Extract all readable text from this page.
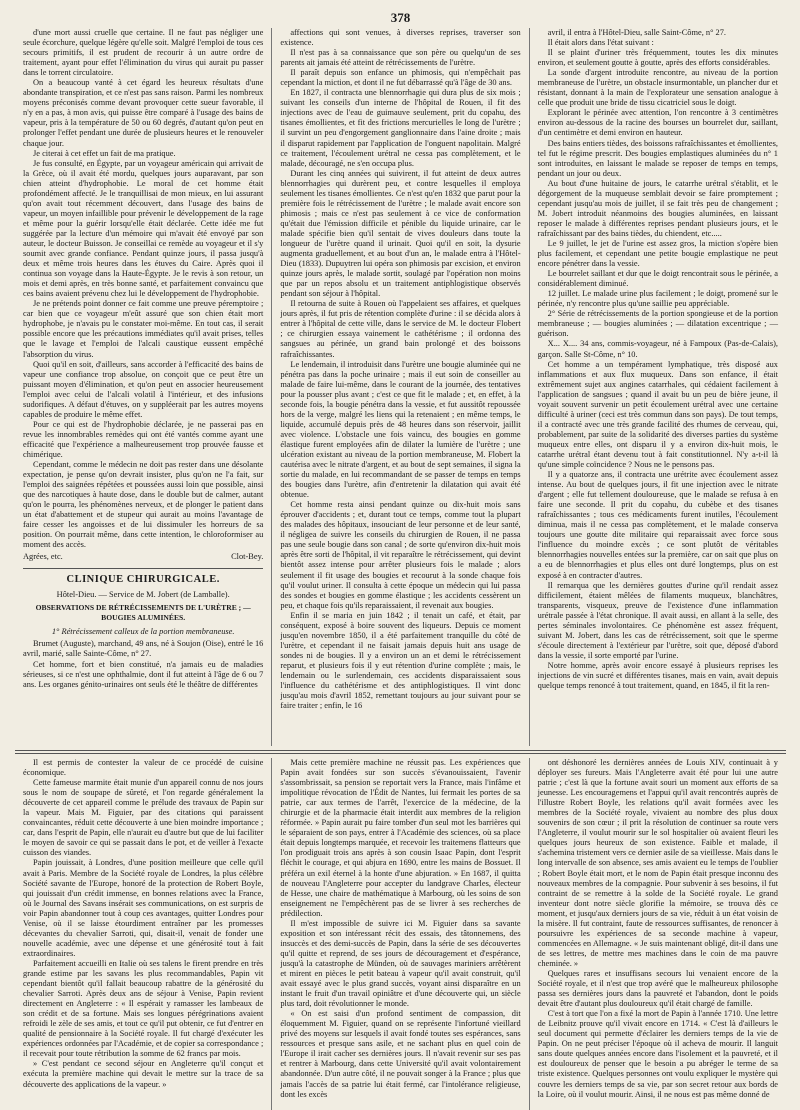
378

d'une mort aussi cruelle que certaine. Il ne faut pas négliger une seule écorchure, quelque légère qu'elle soit. Malgré l'emploi de tous ces secours primitifs, il est prudent de recourir à un autre ordre de traitement, ayant pour effet l'élimination du virus qui aurait pu passer dans le torrent circulatoire.

On a beaucoup vanté à cet égard les heureux résultats d'une abondante transpiration, et ce n'est pas sans raison. Parmi les nombreux moyens préconisés comme devant provoquer cette sueur favorable, il n'y en a pas, à mon avis, qui puisse être comparé à l'usage des bains de vapeur, pris à la température de 50 ou 60 degrés, d'autant qu'on peut en prolonger l'effet pendant une durée de plusieurs heures et le renouveler chaque jour.

Je citerai à cet effet un fait de ma pratique.

Je fus consulté, en Égypte, par un voyageur américain qui arrivait de la Grèce, où il avait été mordu, quelques jours auparavant, par son chien atteint d'hydrophobie. Le moral de cet homme était profondément affecté. Je le tranquillisai de mon mieux, en lui assurant qu'on avait tout récemment découvert, dans l'usage des bains de vapeur, un moyen infaillible pour prévenir le développement de la rage et même pour la guérir lorsqu'elle était déclarée. Cette idée me fut suggérée par la lecture d'un mémoire qui m'avait été envoyé par son auteur, le docteur Buisson. Je conseillai ce remède au voyageur et il s'y soumit avec grande confiance. Pendant quinze jours, il passa jusqu'à deux et même trois heures dans les étuves du Caire. Après quoi il continua son voyage dans la Haute-Égypte. Je le revis à son retour, un mois et demi après, en très bonne santé, et parfaitement convaincu que ces bains avaient prévenu chez lui le développement de l'hydrophobie.

Je ne prétends point donner ce fait comme une preuve péremptoire ; car bien que ce voyageur m'eût assuré que son chien était mort hydrophobe, je n'avais pu le constater moi-même. En tout cas, il serait possible encore que les précautions immédiates qu'il avait prises, telles que le lavage et l'emploi de l'alcali caustique eussent empêché l'absorption du virus.

Quoi qu'il en soit, d'ailleurs, sans accorder à l'efficacité des bains de vapeur une confiance trop absolue, on conçoit que ce peut être un puissant moyen d'élimination, et qu'on peut en associer heureusement l'emploi avec celui de l'alcali volatil à l'intérieur, et des infusions sudorifiques. A défaut d'étuves, on y suppléerait par les autres moyens capables de produire le même effet.

Pour ce qui est de l'hydrophobie déclarée, je ne passerai pas en revue les innombrables remèdes qui ont été vantés comme ayant une efficacité que l'expérience a malheureusement trop prouvée fausse et chimérique.

Cependant, comme le médecin ne doit pas rester dans une désolante expectation, je pense qu'on devrait insister, plus qu'on ne l'a fait, sur l'emploi des saignées répétées et poussées aussi loin que possible, ainsi que des narcotiques à haute dose, dans le double but de calmer, autant qu'on le pourra, les phénomènes nerveux, et de plonger le patient dans un état d'abattement et de stupeur qui aurait au moins l'avantage de faire cesser les angoisses et de lui dissimuler les horreurs de sa position. On pourrait même, dans cette intention, le chloroformiser au moment des accès.

Agrées, etc.	Clot-Bey.
CLINIQUE CHIRURGICALE.
Hôtel-Dieu. — Service de M. Jobert (de Lamballe).
OBSERVATIONS DE RÉTRÉCISSEMENTS DE L'URÈTRE ; — BOUGIES ALUMINÉES.
1° Rétrécissement calleux de la portion membraneuse.

Brumet (Auguste), marchand, 49 ans, né à Soujon (Oise), entré le 16 avril, marié, salle Sainte-Côme, n° 27.

Cet homme, fort et bien constitué, n'a jamais eu de maladies sérieuses, si ce n'est une ophthalmie, dont il fut atteint à l'âge de 6 ou 7 ans. Les organes génito-urinaires ont seuls été le théâtre de différentes

affections qui sont venues, à diverses reprises, traverser son existence.

Il n'est pas à sa connaissance que son père ou quelqu'un de ses parents ait jamais été atteint de rétrécissements de l'urètre.

Il paraît depuis son enfance un phimosis, qui n'empêchait pas cependant la miction, et dont il ne fut débarrassé qu'à l'âge de 30 ans.

En 1827, il contracta une blennorrhagie qui dura plus de six mois ; suivant les conseils d'un interne de l'hôpital de Rouen, il fit des injections avec de l'eau de guimauve seulement, prit du copahu, des tisanes émollientes, et fit des frictions mercurielles le long de l'urètre ; il survint un peu d'engorgement ganglionnaire dans l'aine droite ; mais il disparut rapidement par l'application de l'onguent napolitain. Malgré ce traitement, l'écoulement urétral ne cessa pas complètement, et le malade, découragé, ne s'en occupa plus.

Durant les cinq années qui suivirent, il fut atteint de deux autres blennorrhagies qui durèrent peu, et contre lesquelles il employa seulement les tisanes émollientes. Ce n'est qu'en 1832 que parut pour la première fois le rétrécissement de l'urètre ; le malade avait encore son phimosis ; mais ce n'est pas seulement à ce vice de conformation qu'était due l'émission difficile et pénible du liquide urinaire, car le malade spécifie bien qu'il sentait de vives douleurs dans toute la longueur de l'urètre quand il urinait. Quoi qu'il en soit, la dysurie augmenta graduellement, et au bout d'un an, le malade entra à l'Hôtel-Dieu (1833). Dupuytren lui opéra son phimosis par excision, et environ quinze jours après, le malade sortit, soulagé par l'opération non moins que par un repos absolu et un traitement antiphlogistique observés pendant son séjour à l'hôpital.

Il retourna de suite à Rouen où l'appelaient ses affaires, et quelques jours après, il fut pris de rétention complète d'urine : il se décida alors à entrer à l'hôpital de cette ville, dans le service de M. le docteur Flobert ; ce chirurgien essaya vainement le cathétérisme ; il ordonna des sangsues au périnée, un grand bain prolongé et des boissons rafraîchissantes.

Le lendemain, il introduisit dans l'urètre une bougie aluminée qui ne pénétra pas dans la poche urinaire ; mais il eut soin de conseiller au malade de faire lui-même, dans le courant de la journée, des tentatives pour la pousser plus avant ; c'est ce que fit le malade ; et, en effet, à la seconde fois, la bougie pénétra dans la vessie, et fut aussitôt repoussée hors de la verge, malgré les liens qui la retenaient ; en même temps, le liquide, accumulé depuis près de 48 heures dans son réservoir, jaillit avec violence. L'obstacle une fois vaincu, des bougies en gomme élastique furent employées afin de dilater la lumière de l'urètre ; une ulcération existant au niveau de la portion membraneuse, M. Flobert la cautérisa avec le nitrate d'argent, et au bout de sept semaines, il signa la sortie du malade, en lui recommandant de se passer de temps en temps des bougies dans l'urètre, afin d'entretenir la dilatation qui avait été obtenue.

Cet homme resta ainsi pendant quinze ou dix-huit mois sans éprouver d'accidents ; et, durant tout ce temps, comme tout la plupart des malades des hôpitaux, insouciant de leur personne et de leur santé, il négligea de suivre les conseils du chirurgien de Rouen, il ne passa pas une seule bougie dans son canal ; de sorte qu'environ dix-huit mois après être sorti de l'hôpital, il vit reparaître le rétrécissement, qui devint bientôt assez intense pour arrêter plusieurs fois le malade ; alors seulement il fit usage des bougies et recourut à la sonde chaque fois qu'il voulut uriner. Il consulta à cette époque un médecin qui lui passa des sondes et bougies en gomme élastique ; les accidents cessèrent un peu, et chaque fois qu'ils reparaissaient, il revenait aux bougies.

Enfin il se maria en juin 1842 ; il tenait un café, et était, par conséquent, exposé à boire souvent des liqueurs. Depuis ce moment jusqu'en novembre 1850, il a été parfaitement tranquille du côté de l'urètre, et cependant il ne faisait jamais depuis huit ans usage de sondes ni de bougies. Il y a environ un an et demi le rétrécissement reparut, et plusieurs fois il y eut rétention d'urine complète ; mais, le lendemain ou le surlendemain, ces accidents disparaissaient sous l'influence du cathétérisme et des antiphlogistiques. Il vint donc jusqu'au mois d'avril 1852, remettant toujours au jour suivant pour se faire traiter ; enfin, le 16

avril, il entra à l'Hôtel-Dieu, salle Saint-Côme, n° 27.

Il était alors dans l'état suivant :

Il se plaint d'uriner très fréquemment, toutes les dix minutes environ, et seulement goutte à goutte, après des efforts considérables.

La sonde d'argent introduite rencontre, au niveau de la portion membraneuse de l'urètre, un obstacle insurmontable, un plancher dur et résistant, donnant à la main de l'explorateur une sensation analogue à celle que produit une bride de tissu cicatriciel sous le doigt.

Explorant le périnée avec attention, l'on rencontre à 3 centimètres environ au-dessous de la racine des bourses un bourrelet dur, saillant, d'un centimètre et demi environ en hauteur.

Des bains entiers tièdes, des boissons rafraîchissantes et émollientes, tel fut le régime prescrit. Des bougies emplastiques aluminées du n° 1 sont introduites, en laissant le malade se reposer de temps en temps, pendant un jour ou deux.

Au bout d'une huitaine de jours, le catarrhe urétral s'établit, et le dégorgement de la muqueuse semblait devoir se faire promptement ; cependant jusqu'au mois de juillet, il se fait très peu de changement ; M. Jobert introduit néanmoins des bougies aluminées, en laissant reposer le malade à différentes reprises pendant plusieurs jours, et le rafraîchissant par des bains tièdes, du chiendent, etc.....

Le 9 juillet, le jet de l'urine est assez gros, la miction s'opère bien plus facilement, et cependant une petite bougie emplastique ne peut encore pénétrer dans la vessie.

Le bourrelet saillant et dur que le doigt rencontrait sous le périnée, a considérablement diminué.

12 juillet. Le malade urine plus facilement ; le doigt, promené sur le périnée, n'y rencontre plus qu'une saillie peu appréciable.

2° Série de rétrécissements de la portion spongieuse et de la portion membraneuse ; — bougies aluminées ; — dilatation excentrique ; — guérison.

X... X.... 34 ans, commis-voyageur, né à Fampoux (Pas-de-Calais), garçon. Salle St-Côme, n° 10.

Cet homme a un tempérament lymphatique, très disposé aux inflammations et aux flux muqueux. Dans son enfance, il était extrêmement sujet aux angines catarrhales, qui cédaient facilement à l'application de sangsues ; quand il avait bu un peu de bière jeune, il voyait souvent survenir un petit écoulement urétral avec une certaine difficulté à uriner (ceci est très commun dans son pays). De tout temps, il a contracté avec une très grande facilité des rhumes de cerveau, qui, probablement, par suite de la solidarité des diverses parties du système muqueux entre elles, ont disparu il y a environ dix-huit mois, le catarrhe urétral étant devenu tout à fait constitutionnel. N'y a-t-il là qu'une simple coïncidence ? Nous ne le pensons pas.

Il y a quatorze ans, il contracta une urétrite avec écoulement assez intense. Au bout de quelques jours, il fit une injection avec le nitrate d'argent ; elle fut tellement douloureuse, que le malade se refusa à en faire une seconde. Il prit du copahu, du cubèbe et des tisanes rafraîchissantes ; tous ces médicaments furent inutiles, l'écoulement diminua, mais il ne cessa pas complètement, et le malade conserva toujours une goutte dite militaire qui reparaissait avec force sous l'influence du moindre excès ; ce sont plutôt de véritables blennorrhagies nouvelles entées sur la première, car on sait que plus on a eu de blennorrhagies et plus elles ont duré longtemps, plus on est exposé à en contracter d'autres.

Il remarqua que les dernières gouttes d'urine qu'il rendait assez difficilement, étaient mêlées de filaments muqueux, blanchâtres, transparents, visqueux, preuve de l'existence d'une inflammation urétrale passée à l'état chronique. Il avait aussi, en allant à la selle, des pertes séminales involontaires. Ce phénomène est assez fréquent, suivant M. Jobert, dans les cas de rétrécissement, soit que le sperme s'écoule directement à l'extérieur par l'urètre, soit que, déposé d'abord dans la vessie, il sorte emporté par l'urine.

Notre homme, après avoir encore essayé à plusieurs reprises les injections de vin sucré et différentes tisanes, mais en vain, avait depuis quelque temps renoncé à tout traitement, quand, en 1845, il fit la ren-

Il est permis de contester la valeur de ce procédé de cuisine économique.

Cette fameuse marmite était munie d'un appareil connu de nos jours sous le nom de soupape de sûreté, et l'on regarde généralement la découverte de cet appareil comme le prélude des travaux de Papin sur la vapeur. Mais M. Figuier, par des citations qui paraissent convaincantes, réduit cette découverte à une bien moindre importance ; car, dans l'esprit de Papin, elle n'aurait eu d'autre but que de lui faciliter le moyen de savoir ce qui se passait dans le pot, et de veiller à l'exacte cuisson des viandes.

Papin jouissait, à Londres, d'une position meilleure que celle qu'il avait à Paris. Membre de la Société royale de Londres, la plus célèbre Société savante de l'Europe, honoré de la protection de Robert Boyle, qui jouissait d'un crédit immense, en bonnes relations avec la France, où le Journal des Savans insérait ses communications, on est surpris de voir Papin abandonner tout à coup ces avantages, quitter Londres pour Venise, où il se laisse étourdiment entraîner par les promesses décevantes du chevalier Sarroti, qui, disait-il, venait de fonder une nouvelle académie, avec une dépense et une générosité tout à fait extraordinaires.

Parfaitement accueilli en Italie où ses talens le firent prendre en très grande estime par les savans les plus recommandables, Papin vit cependant bientôt qu'il fallait beaucoup rabattre de la générosité du chevalier Sarroti. Après deux ans de séjour à Venise, Papin revient directement en Angleterre : « Il espérait y ramasser les lambeaux de son crédit et de sa fortune. Mais ses longues pérégrinations avaient refroidi le zèle de ses amis, et tout ce qu'il put obtenir, ce fut d'entrer en qualité de pensionnaire à la Société royale. Il fut chargé d'exécuter les expériences ordonnées par l'Académie, et de copier sa correspondance ; il recevait pour toute rétribution la somme de 62 francs par mois.

» C'est pendant ce second séjour en Angleterre qu'il conçut et exécuta la première machine qui devait le mettre sur la trace de sa découverte des applications de la vapeur. »

Mais cette première machine ne réussit pas. Les expériences que Papin avait fondées sur son succès s'évanouissaient, l'avenir s'assombrissait, sa pension se reportait vers la France, mais l'infâme et impolitique révocation de l'Édit de Nantes, lui fermait les portes de sa patrie, car aux termes de l'arrêt, l'exercice de la médecine, de la chirurgie et de la pharmacie était interdit aux membres de la religion réformée. » Papin aurait pu faire tomber d'un seul mot les barrières qui le séparaient de son pays, entrer à l'Académie des sciences, où sa place était depuis longtemps marquée, et recevoir les traitemens flatteurs que l'on prodiguait trois ans après à son cousin Isaac Papin, dont l'esprit fléchit le courage, et qui abjura en 1690, entre les mains de Bossuet. Il préféra un exil éternel à la honte d'une abjuration. » En 1687, il quitta de nouveau l'Angleterre pour accepter du landgrave Charles, électeur de Hesse, une chaire de mathématique à Marbourg, où les soins de son enseignement ne l'empêchèrent pas de se livrer à ses recherches de prédilection.

Il m'est impossible de suivre ici M. Figuier dans sa savante exposition et son intéressant récit des essais, des tâtonnemens, des insuccès et des demi-succès de Papin, dans la série de ses découvertes qu'il quitte et reprend, de ses jours de découragement et d'espérance, jusqu'à la catastrophe de Münden, où de sauvages mariniers arrêtèrent et mirent en pièces le petit bateau à vapeur qu'il avait construit, qu'il avait essayé avec le plus grand succès, voyant ainsi disparaître en un instant le fruit d'un travail opiniâtre et d'une découverte qui, un siècle plus tard, doit révolutionner le monde.

« On est saisi d'un profond sentiment de compassion, dit éloquemment M. Figuier, quand on se représente l'infortuné vieillard privé des moyens sur lesquels il avait fondé toutes ses espérances, sans ressources et presque sans asile, et ne sachant plus en quel coin de l'Europe il irait cacher ses dernières jours. Il n'avait revenir sur ses pas et rentrer à Marbourg, dans cette Université qu'il avait volontairement abandonnée. D'un autre côté, il ne pouvait songer à la France ; plus que jamais l'accès de sa patrie lui était fermé, car l'intolérance religieuse, dont les excès

ont déshonoré les dernières années de Louis XIV, continuait à y déployer ses fureurs. Mais l'Angleterre avait été pour lui une autre patrie ; c'est là que la fortune avait souri un moment aux efforts de sa jeunesse. Les encouragemens et l'appui qu'il avait rencontrés auprès de l'illustre Robert Boyle, les relations qu'il avait formées avec les membres de la Société royale, vivaient au nombre des plus doux souvenirs de son cœur ; il prit la résolution de continuer sa route vers l'Angleterre, il voulut mourir sur le sol hospitalier où avaient fleuri les quelques jours heureux de son existence. Faible et malade, il s'achemina tristement vers ce dernier asile de sa vieillesse. Mais dans le long intervalle de son absence, ses amis avaient eu le temps de l'oublier ; Robert Boyle était mort, et le nom de Papin était presque inconnu des nouveaux membres de la compagnie. Pour subvenir à ses besoins, il fut contraint de se remettre à la solde de la Société royale. Le grand inventeur dont notre siècle glorifie la mémoire, se trouva dès ce moment, et jusqu'aux derniers jours de sa vie, réduit à un état voisin de la misère. Il fut contraint, faute de ressources suffisantes, de renoncer à poursuivre les expériences de sa seconde machine à vapeur, commencées en Allemagne. « Je suis maintenant obligé, dit-il dans une de ses lettres, de mettre mes machines dans le coin de ma pauvre cheminée. »

Quelques rares et insuffisans secours lui venaient encore de la Société royale, et il n'est que trop avéré que le malheureux philosophe passa ses dernières jours dans la pauvreté et l'abandon, dont le poids devait être d'autant plus douloureux qu'il était chargé de famille.

C'est à tort que l'on a fixé la mort de Papin à l'année 1710. Une lettre de Leibnitz prouve qu'il vivait encore en 1714. « C'est là d'ailleurs le seul document qui permette d'éclairer les derniers temps de la vie de Papin. On ne peut préciser l'époque où il acheva de mourir. Il languit sans doute quelques années encore dans l'isolement et la pauvreté, et il est douloureux de penser que le besoin a pu abréger le terme de sa triste existence. Quelques personnes ont voulu expliquer le mystère qui couvre les derniers temps de sa vie, par son secret retour aux bords de la Loire, où il voulut mourir. Ainsi, il ne nous est pas même donné de
